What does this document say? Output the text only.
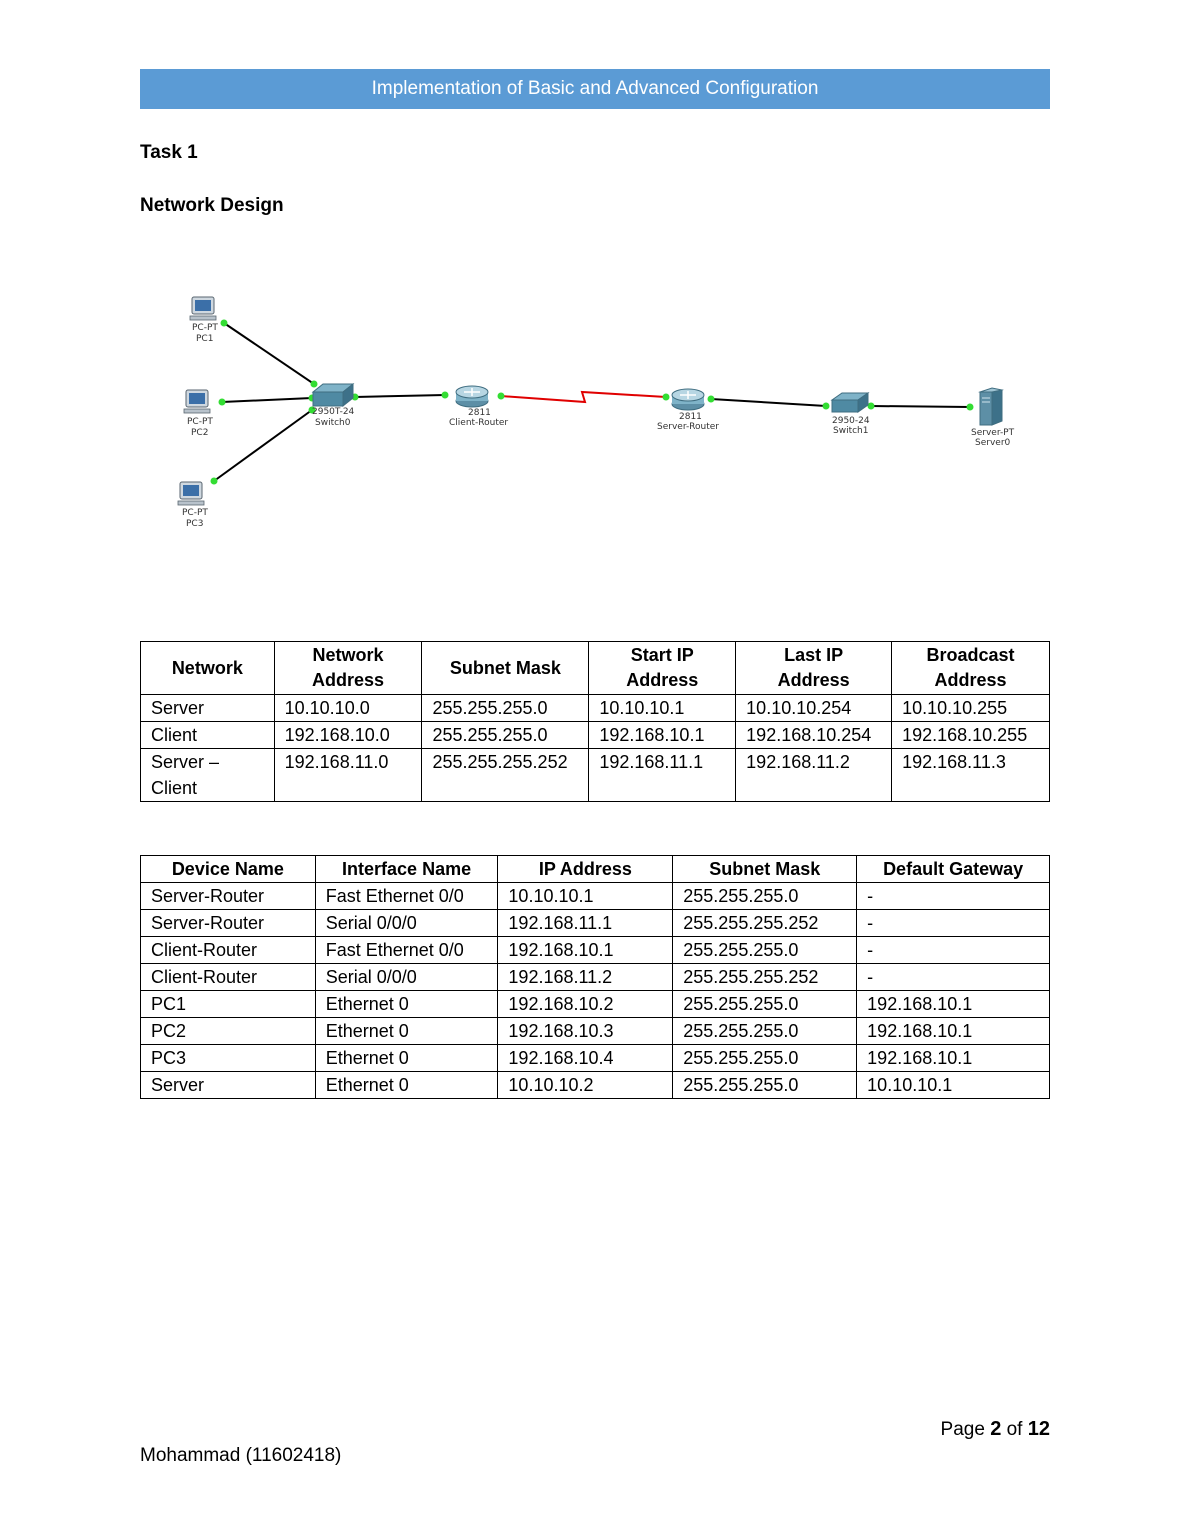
Implementation of Basic and Advanced Configuration
Task 1
Network Design
PC-PT
PC1
PC-PT
PC2
PC-PT
PC3
2950T-24
Switch0
2811
Client-Router
2811
Server-Router
2950-24
Switch1	Server-PT
Server0
Network	Network Address	Subnet Mask	Start IP Address	Last IP Address	Broadcast Address
Server	10.10.10.0	255.255.255.0	10.10.10.1	10.10.10.254	10.10.10.255
Client	192.168.10.0	255.255.255.0	192.168.10.1	192.168.10.254	192.168.10.255
Server – Client	192.168.11.0	255.255.255.252	192.168.11.1	192.168.11.2	192.168.11.3
Device Name	Interface Name	IP Address	Subnet Mask	Default Gateway
Server-Router	Fast Ethernet 0/0	10.10.10.1	255.255.255.0	-
Server-Router	Serial 0/0/0	192.168.11.1	255.255.255.252	-
Client-Router	Fast Ethernet 0/0	192.168.10.1	255.255.255.0	-
Client-Router	Serial 0/0/0	192.168.11.2	255.255.255.252	-
PC1	Ethernet 0	192.168.10.2	255.255.255.0	192.168.10.1
PC2	Ethernet 0	192.168.10.3	255.255.255.0	192.168.10.1
PC3	Ethernet 0	192.168.10.4	255.255.255.0	192.168.10.1
Server	Ethernet 0	10.10.10.2	255.255.255.0	10.10.10.1
Page 2 of 12
Mohammad (11602418)
